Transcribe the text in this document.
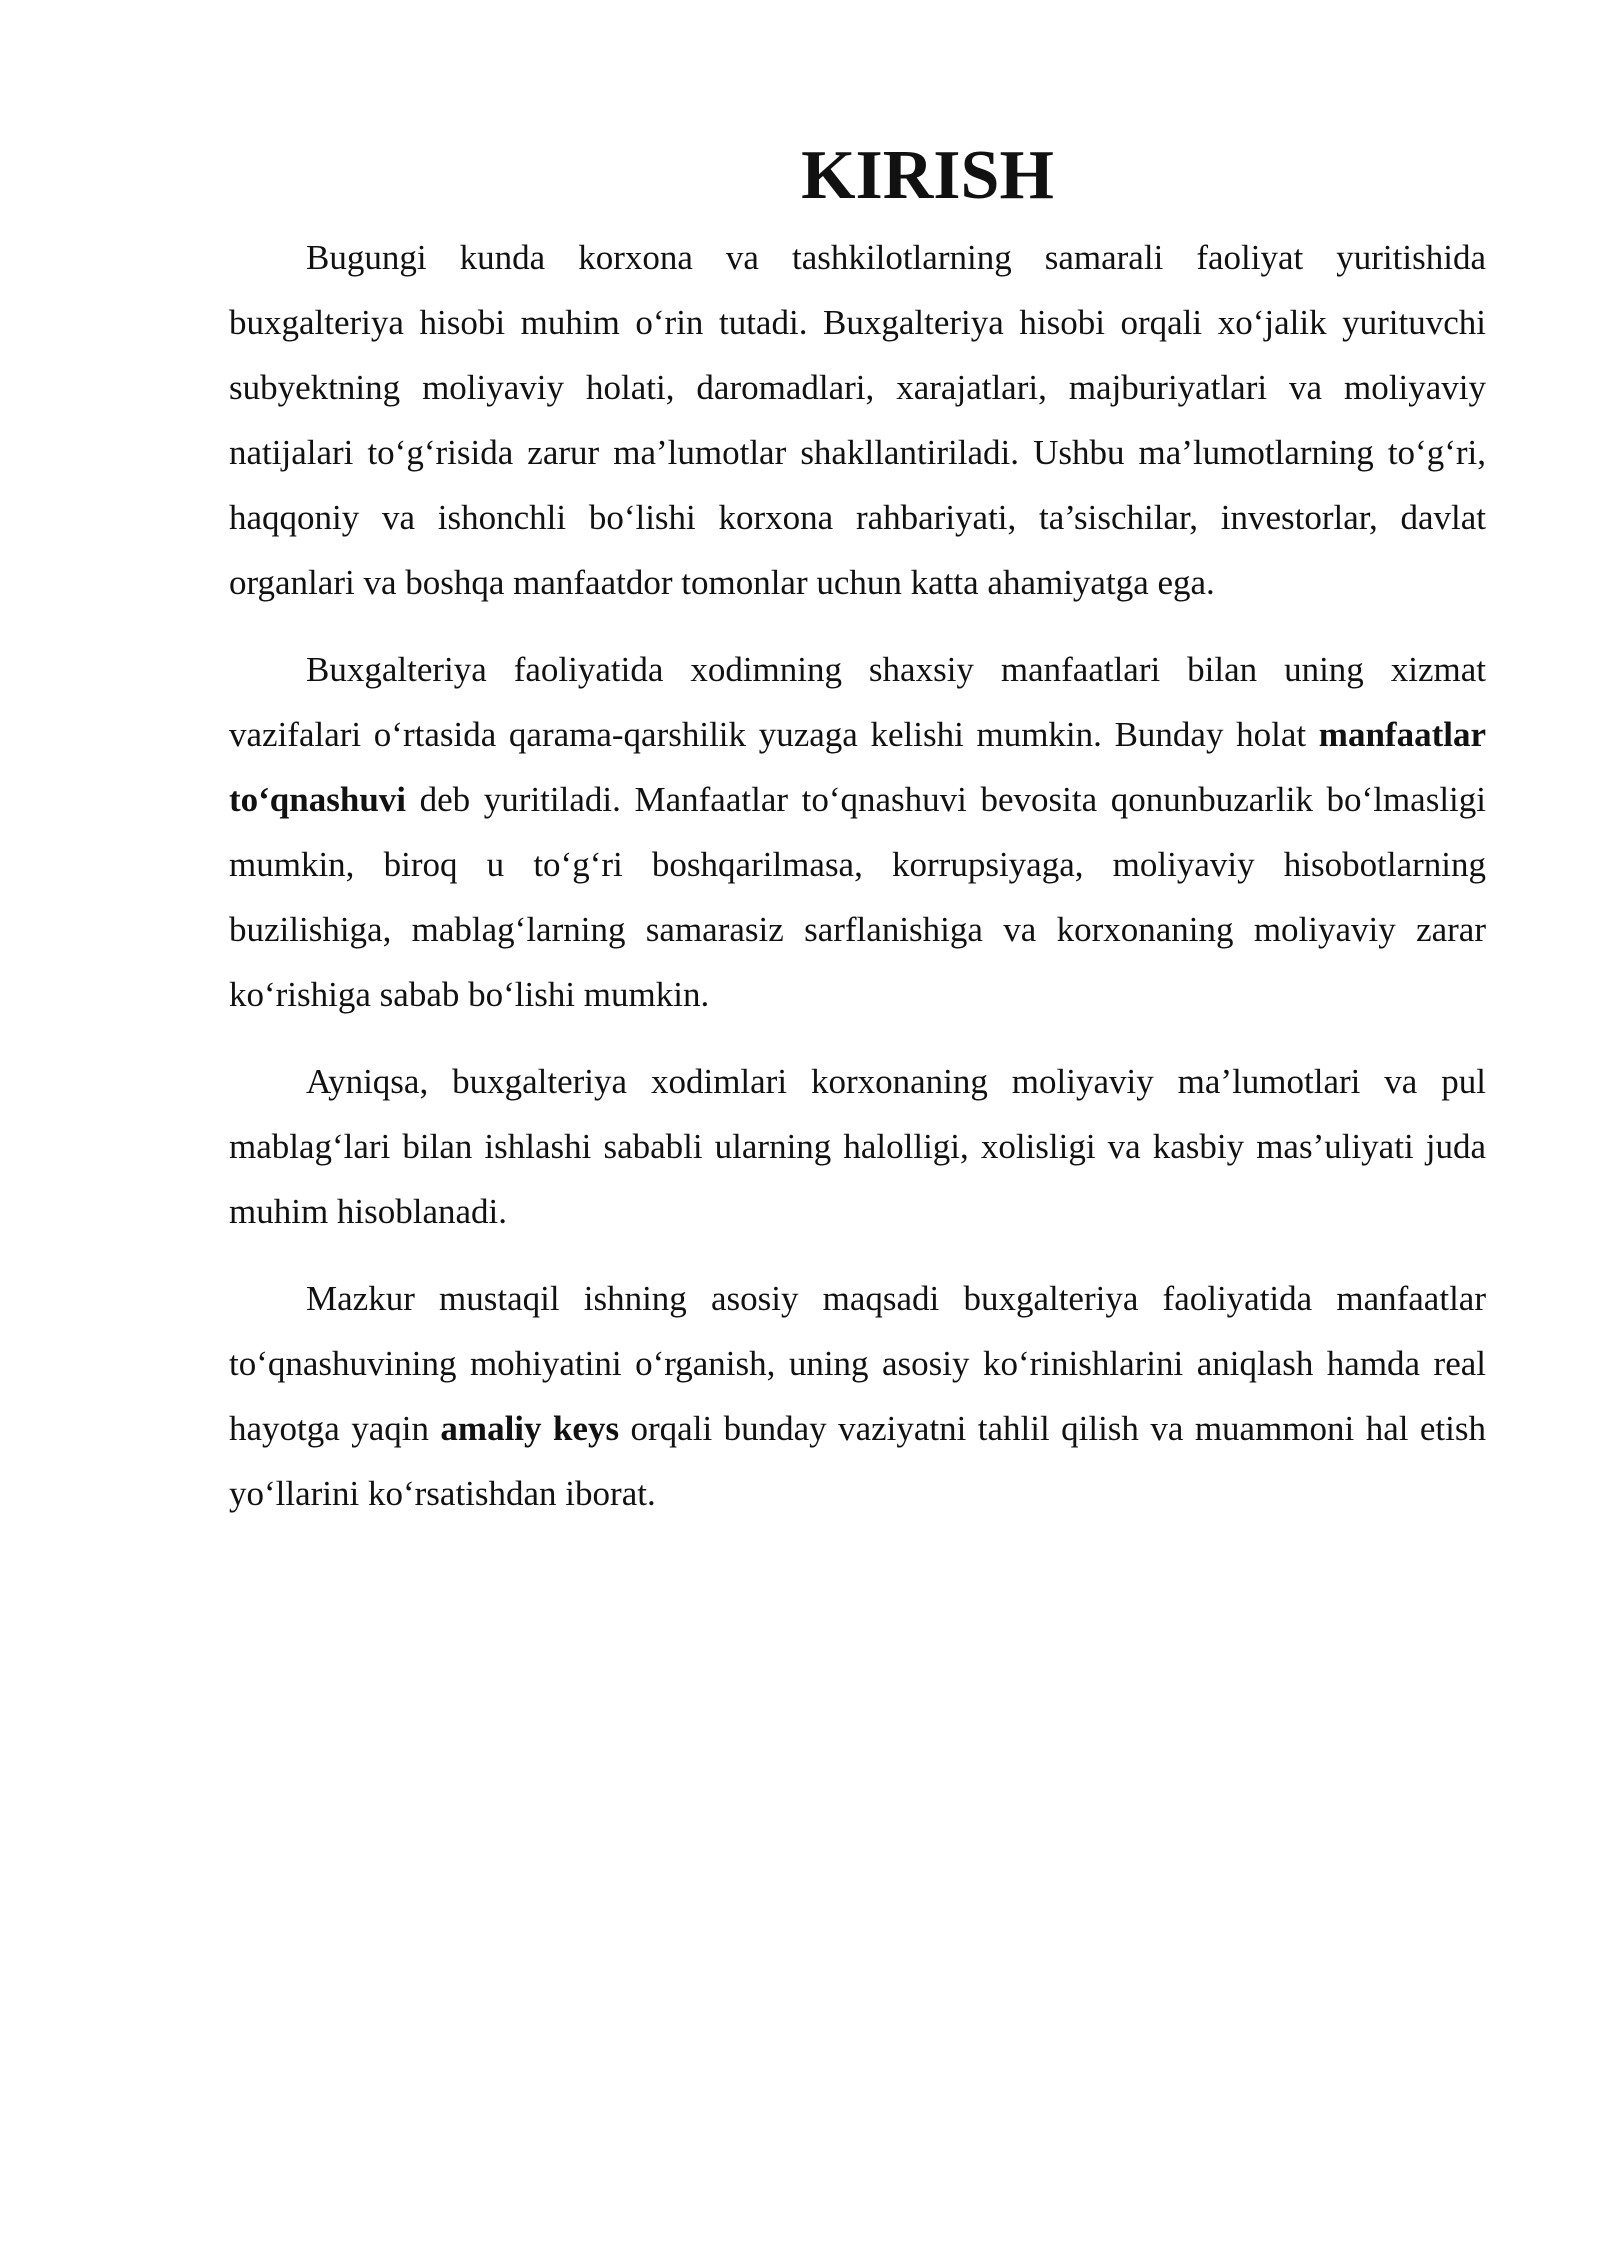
KIRISH

Bugungi kunda korxona va tashkilotlarning samarali faoliyat yuritishida buxgalteriya hisobi muhim o‘rin tutadi. Buxgalteriya hisobi orqali xo‘jalik yurituvchi subyektning moliyaviy holati, daromadlari, xarajatlari, majburiyatlari va moliyaviy natijalari to‘g‘risida zarur ma’lumotlar shakllantiriladi. Ushbu ma’lumotlarning to‘g‘ri, haqqoniy va ishonchli bo‘lishi korxona rahbariyati, ta’sischilar, investorlar, davlat organlari va boshqa manfaatdor tomonlar uchun katta ahamiyatga ega.

Buxgalteriya faoliyatida xodimning shaxsiy manfaatlari bilan uning xizmat vazifalari o‘rtasida qarama-qarshilik yuzaga kelishi mumkin. Bunday holat manfaatlar to‘qnashuvi deb yuritiladi. Manfaatlar to‘qnashuvi bevosita qonunbuzarlik bo‘lmasligi mumkin, biroq u to‘g‘ri boshqarilmasa, korrupsiyaga, moliyaviy hisobotlarning buzilishiga, mablag‘larning samarasiz sarflanishiga va korxonaning moliyaviy zarar ko‘rishiga sabab bo‘lishi mumkin.

Ayniqsa, buxgalteriya xodimlari korxonaning moliyaviy ma’lumotlari va pul mablag‘lari bilan ishlashi sababli ularning halolligi, xolisligi va kasbiy mas’uliyati juda muhim hisoblanadi.

Mazkur mustaqil ishning asosiy maqsadi buxgalteriya faoliyatida manfaatlar to‘qnashuvining mohiyatini o‘rganish, uning asosiy ko‘rinishlarini aniqlash hamda real hayotga yaqin amaliy keys orqali bunday vaziyatni tahlil qilish va muammoni hal etish yo‘llarini ko‘rsatishdan iborat.
